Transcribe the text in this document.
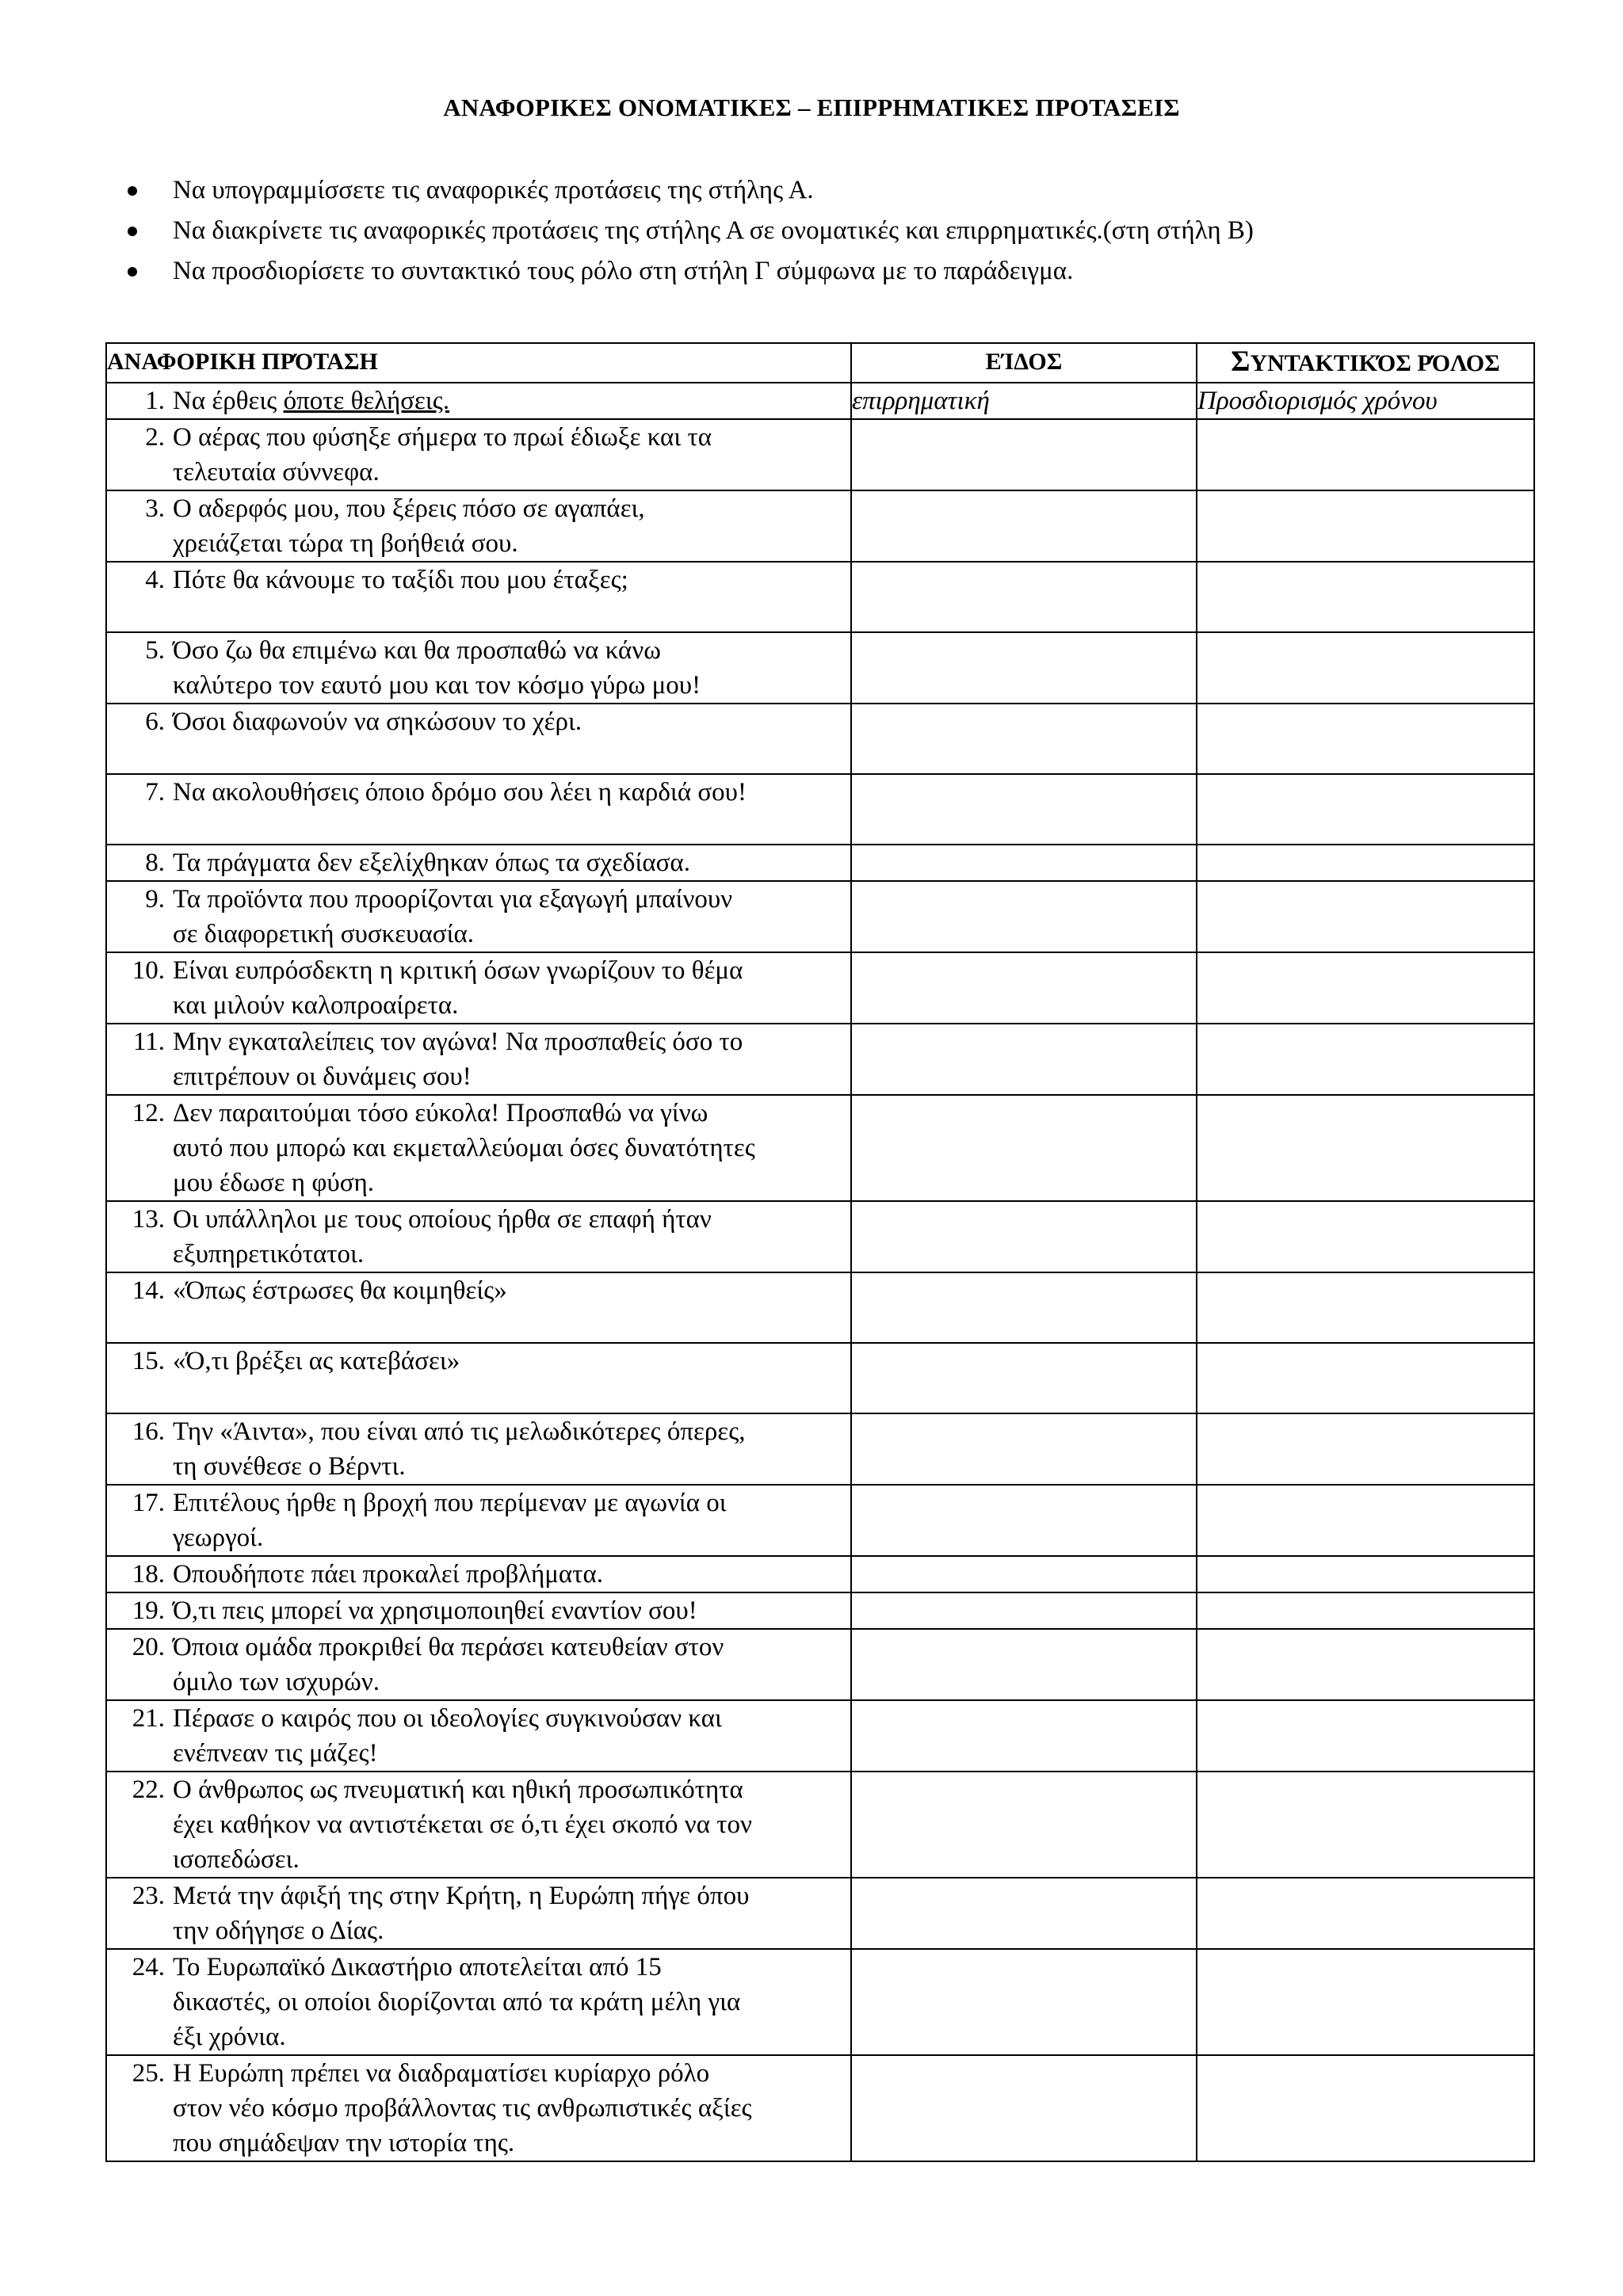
ΑΝΑΦΟΡΙΚΕΣ ΟΝΟΜΑΤΙΚΕΣ – ΕΠΙΡΡΗΜΑΤΙΚΕΣ ΠΡΟΤΑΣΕΙΣ
Να υπογραμμίσσετε τις αναφορικές προτάσεις της στήλης Α.
Να διακρίνετε τις αναφορικές προτάσεις της στήλης Α σε ονοματικές και επιρρηματικές.(στη στήλη Β)
Να προσδιορίσετε το συντακτικό τους ρόλο στη στήλη Γ σύμφωνα με το παράδειγμα.
ΑΝΑΦΟΡΙΚΗ ΠΡΌΤΑΣΗ	ΕΊΔΟΣ	ΣΥΝΤΑΚΤΙΚΌΣ ΡΌΛΟΣ

1. Να έρθεις όποτε θελήσεις.	επιρρηματική	Προσδιορισμός χρόνου

2. Ο αέρας που φύσηξε σήμερα το πρωί έδιωξε και τα
τελευταία σύννεφα.		

3. Ο αδερφός μου, που ξέρεις πόσο σε αγαπάει,
χρειάζεται τώρα τη βοήθειά σου.		

4. Πότε θα κάνουμε το ταξίδι που μου έταξες;		

5. Όσο ζω θα επιμένω και θα προσπαθώ να κάνω
καλύτερο τον εαυτό μου και τον κόσμο γύρω μου!		

6. Όσοι διαφωνούν να σηκώσουν το χέρι.		

7. Να ακολουθήσεις όποιο δρόμο σου λέει η καρδιά σου!		

8. Τα πράγματα δεν εξελίχθηκαν όπως τα σχεδίασα.		

9. Τα προϊόντα που προορίζονται για εξαγωγή μπαίνουν
σε διαφορετική συσκευασία.		

10. Είναι ευπρόσδεκτη η κριτική όσων γνωρίζουν το θέμα
και μιλούν καλοπροαίρετα.		

11. Μην εγκαταλείπεις τον αγώνα! Να προσπαθείς όσο το
επιτρέπουν οι δυνάμεις σου!		

12. Δεν παραιτούμαι τόσο εύκολα! Προσπαθώ να γίνω
αυτό που μπορώ και εκμεταλλεύομαι όσες δυνατότητες
μου έδωσε η φύση.		

13. Οι υπάλληλοι με τους οποίους ήρθα σε επαφή ήταν
εξυπηρετικότατοι.		

14. «Όπως έστρωσες θα κοιμηθείς»		

15. «Ό,τι βρέξει ας κατεβάσει»		

16. Την «Άιντα», που είναι από τις μελωδικότερες όπερες,
τη συνέθεσε ο Βέρντι.		

17. Επιτέλους ήρθε η βροχή που περίμεναν με αγωνία οι
γεωργοί.		

18. Οπουδήποτε πάει προκαλεί προβλήματα.		

19. Ό,τι πεις μπορεί να χρησιμοποιηθεί εναντίον σου!		

20. Όποια ομάδα προκριθεί θα περάσει κατευθείαν στον
όμιλο των ισχυρών.		

21. Πέρασε ο καιρός που οι ιδεολογίες συγκινούσαν και
ενέπνεαν τις μάζες!		

22. Ο άνθρωπος ως πνευματική και ηθική προσωπικότητα
έχει καθήκον να αντιστέκεται σε ό,τι έχει σκοπό να τον
ισοπεδώσει.		

23. Μετά την άφιξή της στην Κρήτη, η Ευρώπη πήγε όπου
την οδήγησε ο Δίας.		

24. Το Ευρωπαϊκό Δικαστήριο αποτελείται από 15
δικαστές, οι οποίοι διορίζονται από τα κράτη μέλη για
έξι χρόνια.		

25. Η Ευρώπη πρέπει να διαδραματίσει κυρίαρχο ρόλο
στον νέο κόσμο προβάλλοντας τις ανθρωπιστικές αξίες
που σημάδεψαν την ιστορία της.		
